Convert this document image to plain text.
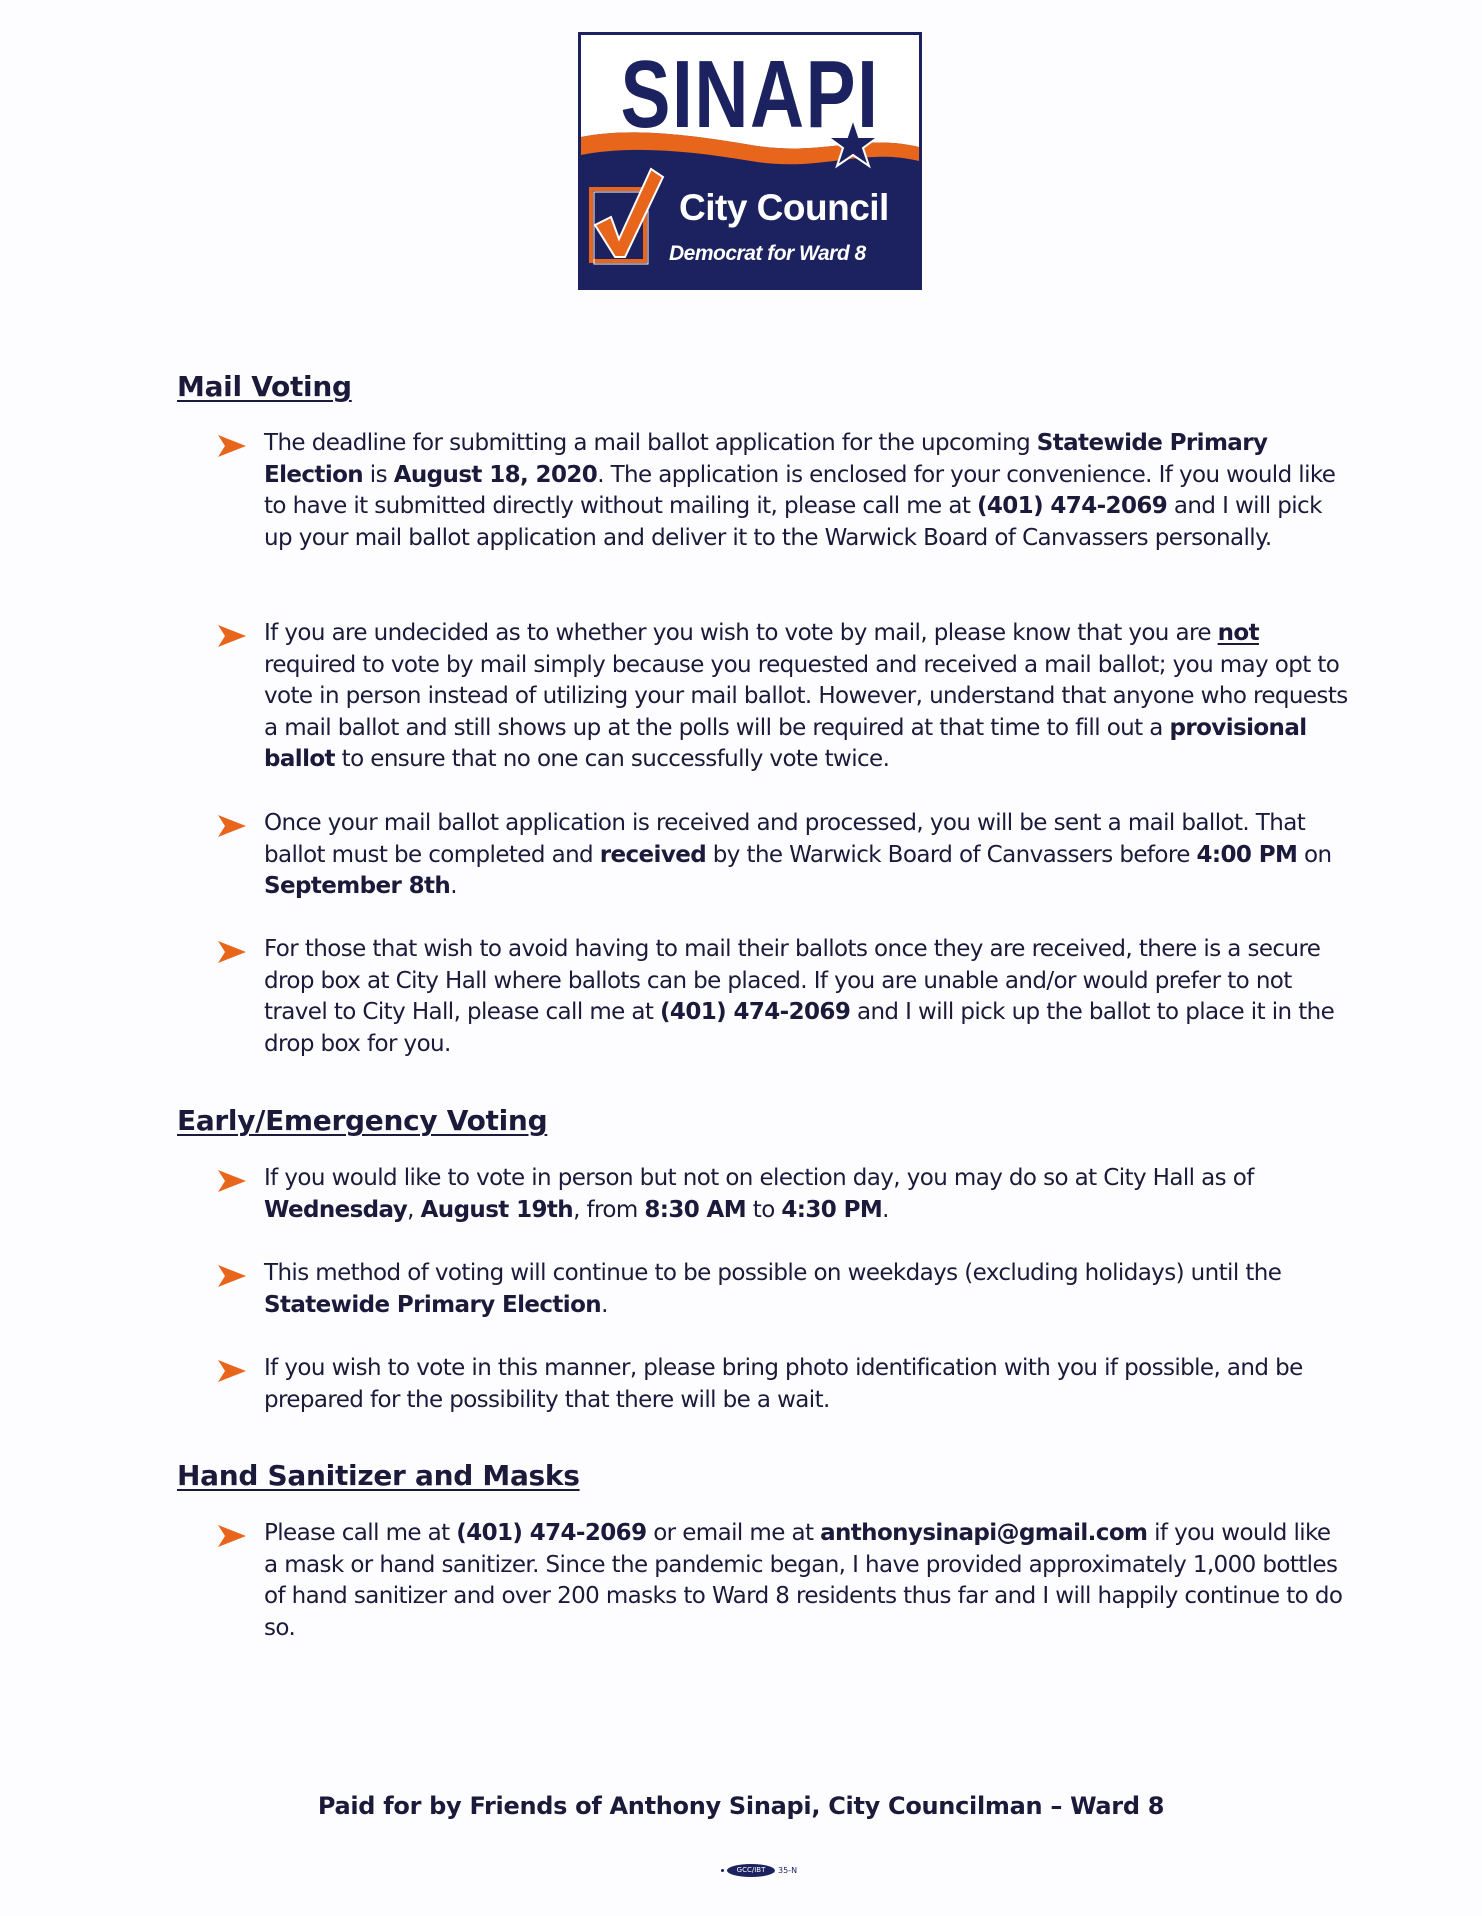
SINAPI
City Council
Democrat for Ward 8
Mail Voting
The deadline for submitting a mail ballot application for the upcoming Statewide Primary Election is August 18, 2020. The application is enclosed for your convenience. If you would like to have it submitted directly without mailing it, please call me at (401) 474-2069 and I will pick up your mail ballot application and deliver it to the Warwick Board of Canvassers personally.
If you are undecided as to whether you wish to vote by mail, please know that you are not required to vote by mail simply because you requested and received a mail ballot; you may opt to vote in person instead of utilizing your mail ballot. However, understand that anyone who requests a mail ballot and still shows up at the polls will be required at that time to fill out a provisional ballot to ensure that no one can successfully vote twice.
Once your mail ballot application is received and processed, you will be sent a mail ballot. That ballot must be completed and received by the Warwick Board of Canvassers before 4:00 PM on September 8th.
For those that wish to avoid having to mail their ballots once they are received, there is a secure drop box at City Hall where ballots can be placed. If you are unable and/or would prefer to not travel to City Hall, please call me at (401) 474-2069 and I will pick up the ballot to place it in the drop box for you.
Early/Emergency Voting
If you would like to vote in person but not on election day, you may do so at City Hall as of Wednesday, August 19th, from 8:30 AM to 4:30 PM.
This method of voting will continue to be possible on weekdays (excluding holidays) until the Statewide Primary Election.
If you wish to vote in this manner, please bring photo identification with you if possible, and be prepared for the possibility that there will be a wait.
Hand Sanitizer and Masks
Please call me at (401) 474-2069 or email me at anthonysinapi@gmail.com if you would like a mask or hand sanitizer. Since the pandemic began, I have provided approximately 1,000 bottles of hand sanitizer and over 200 masks to Ward 8 residents thus far and I will happily continue to do so.
Paid for by Friends of Anthony Sinapi, City Councilman – Ward 8
GCC/IBT	35-N
